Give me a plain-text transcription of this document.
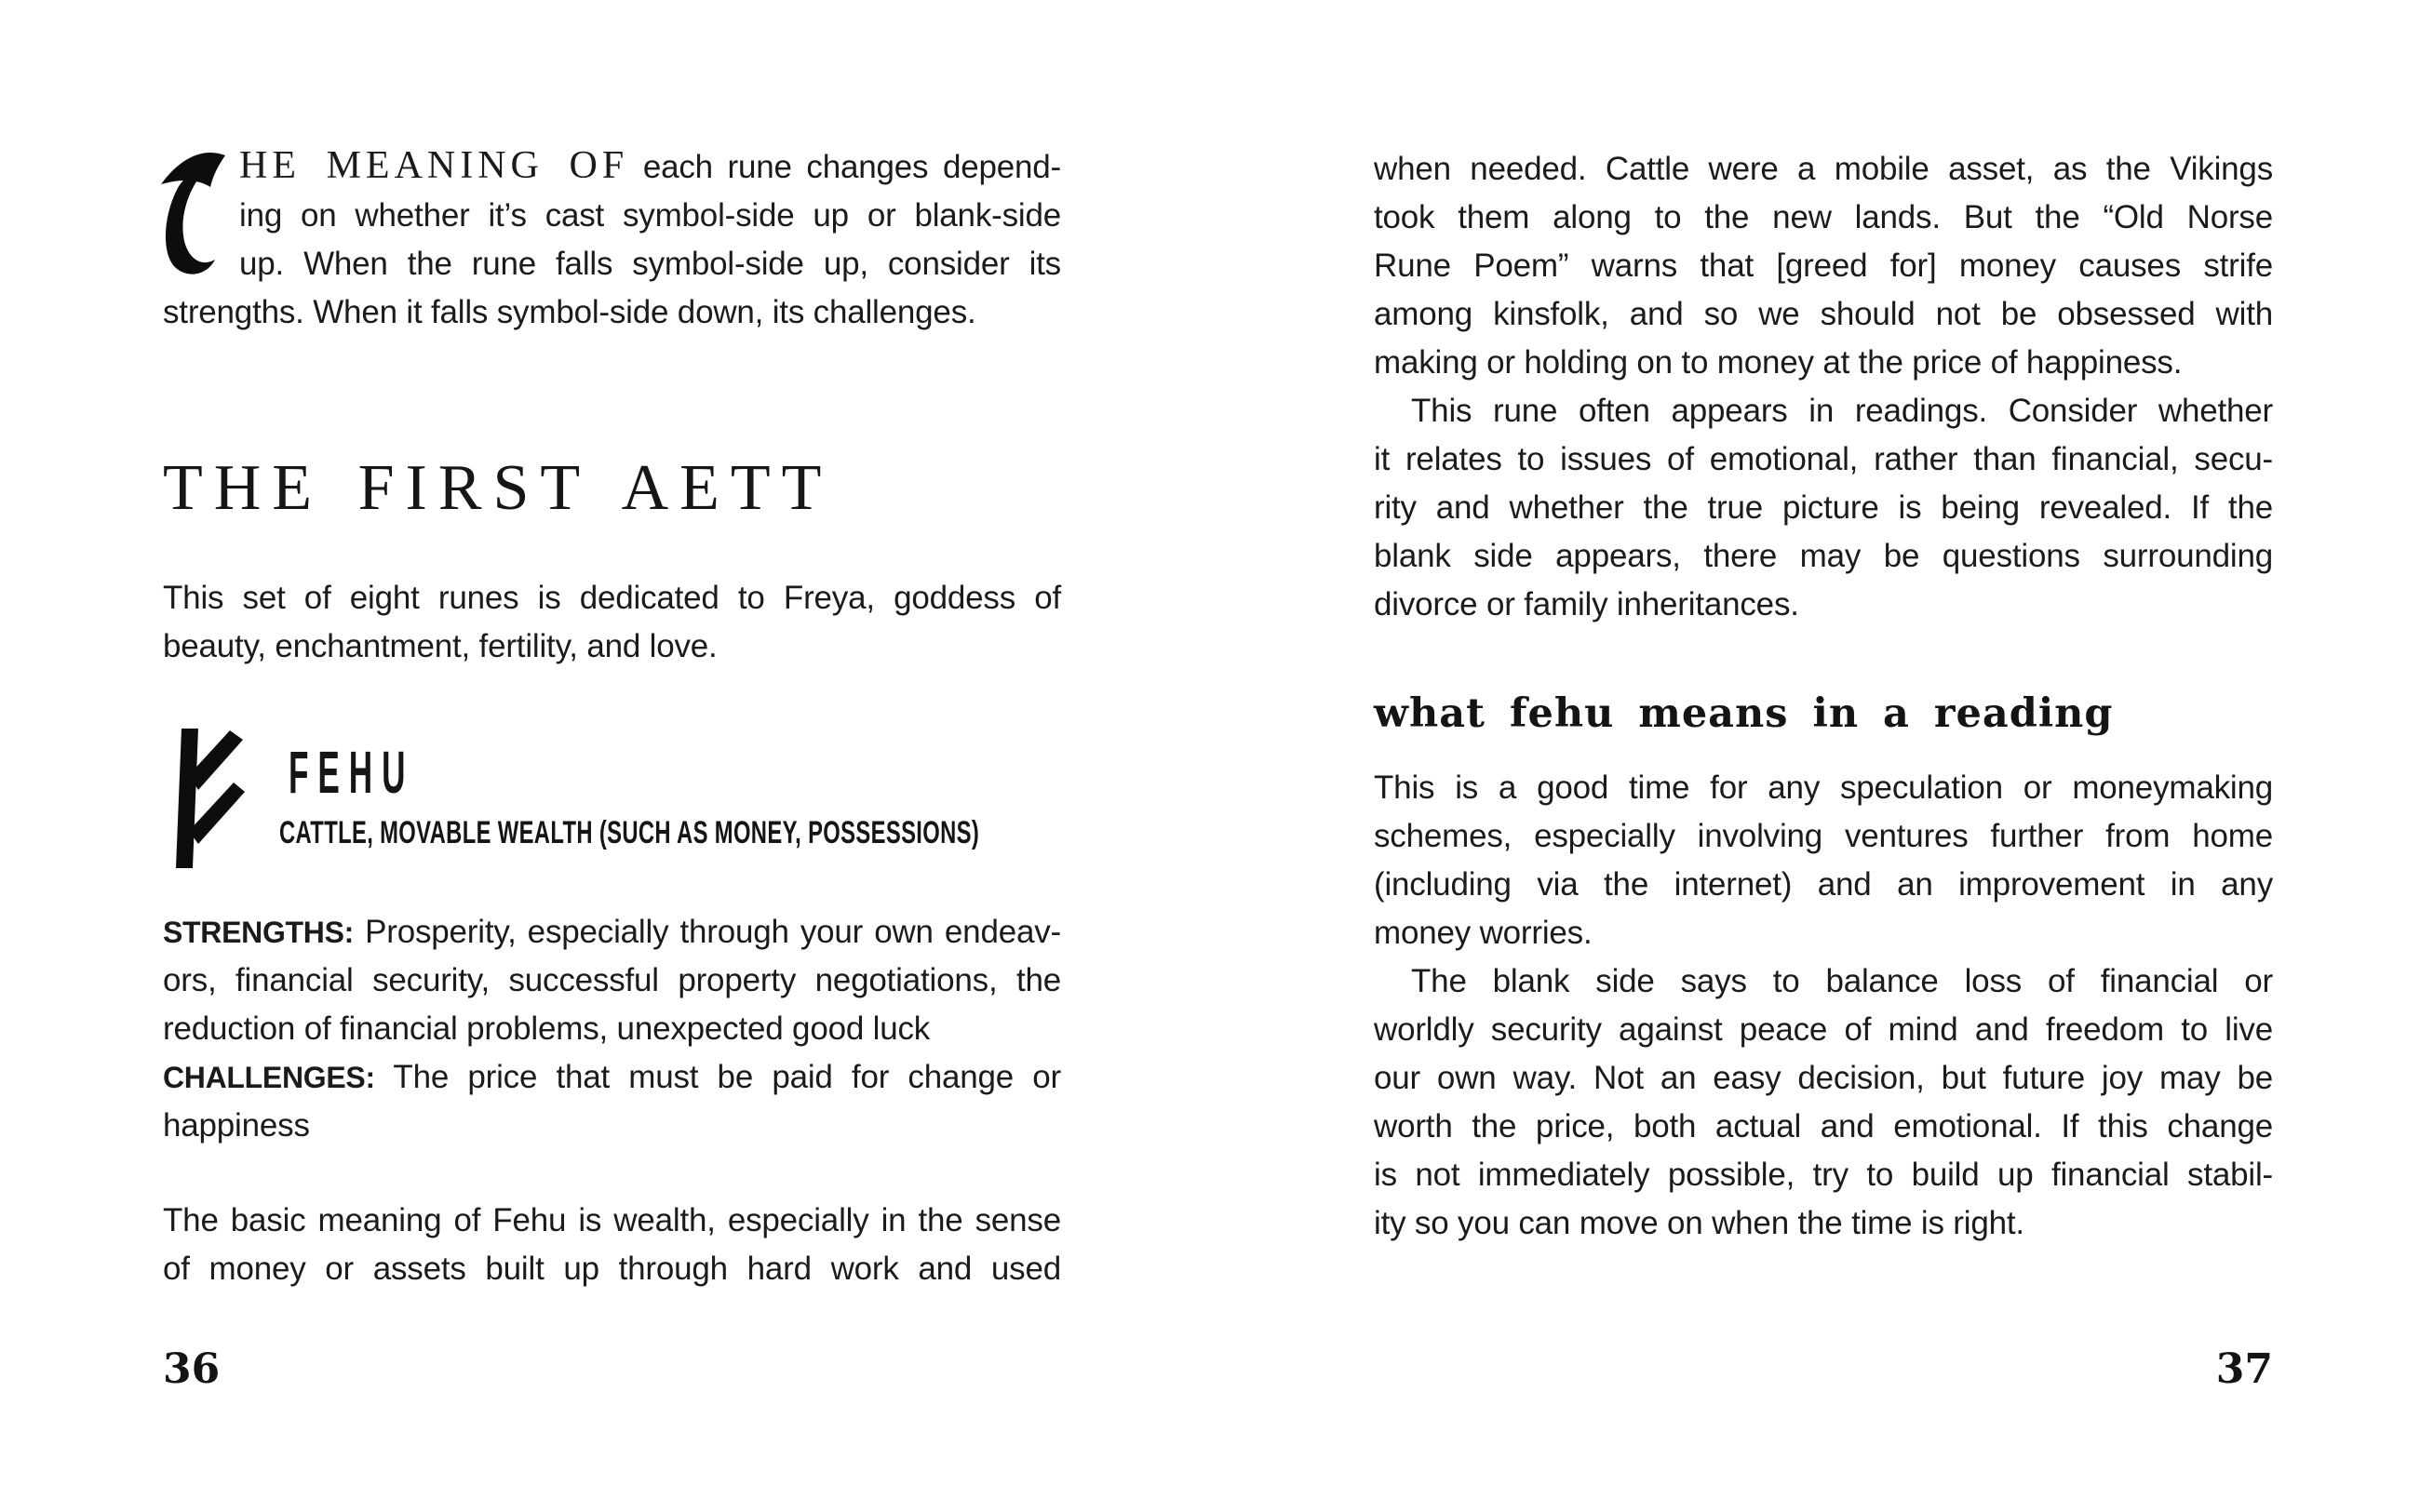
HE MEANING OF each rune changes depend-
ing on whether it’s cast symbol-side up or blank-side
up. When the rune falls symbol-side up, consider its
strengths. When it falls symbol-side down, its challenges.
THE FIRST AETT
This set of eight runes is dedicated to Freya, goddess of
beauty, enchantment, fertility, and love.
FEHU
CATTLE, MOVABLE WEALTH (SUCH AS MONEY, POSSESSIONS)
STRENGTHS: Prosperity, especially through your own endeav-
ors, financial security, successful property negotiations, the
reduction of financial problems, unexpected good luck
CHALLENGES: The price that must be paid for change or
happiness
The basic meaning of Fehu is wealth, especially in the sense
of money or assets built up through hard work and used
36
when needed. Cattle were a mobile asset, as the Vikings
took them along to the new lands. But the “Old Norse
Rune Poem” warns that [greed for] money causes strife
among kinsfolk, and so we should not be obsessed with
making or holding on to money at the price of happiness.
This rune often appears in readings. Consider whether
it relates to issues of emotional, rather than financial, secu-
rity and whether the true picture is being revealed. If the
blank side appears, there may be questions surrounding
divorce or family inheritances.
what fehu means in a reading
This is a good time for any speculation or moneymaking
schemes, especially involving ventures further from home
(including via the internet) and an improvement in any
money worries.
The blank side says to balance loss of financial or
worldly security against peace of mind and freedom to live
our own way. Not an easy decision, but future joy may be
worth the price, both actual and emotional. If this change
is not immediately possible, try to build up financial stabil-
ity so you can move on when the time is right.
37
